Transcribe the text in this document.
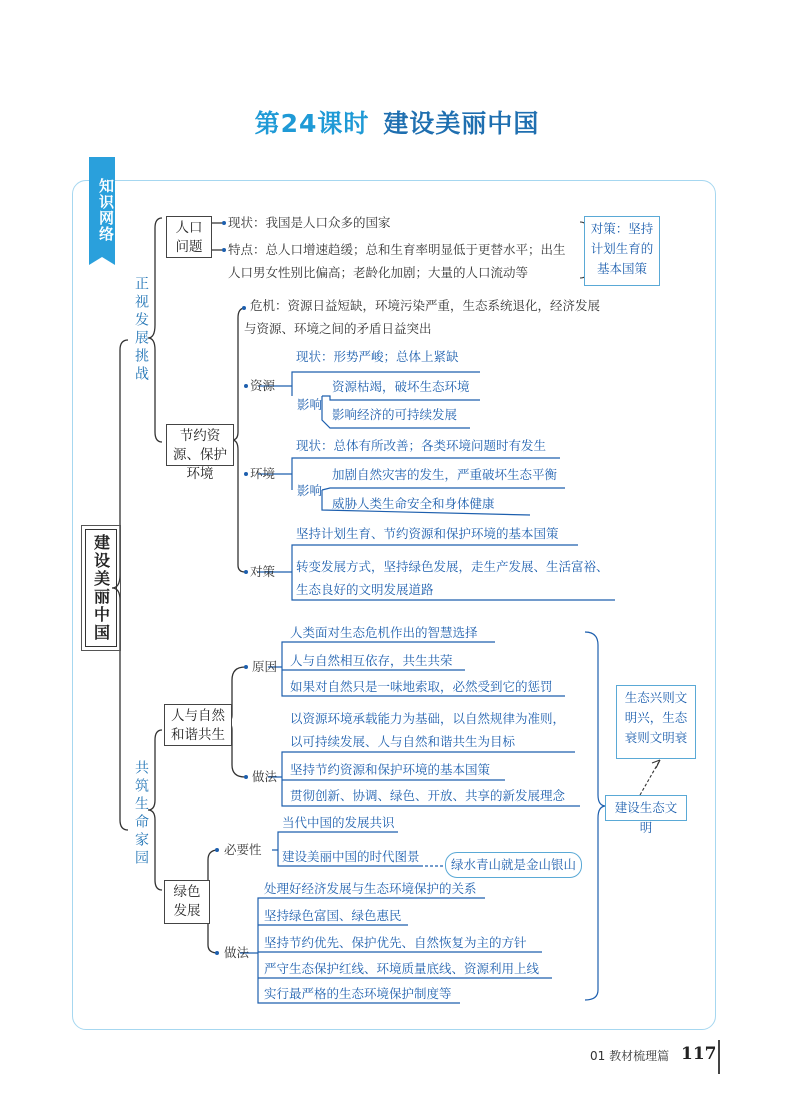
第24课时 建设美丽中国
知识网络
建设美丽中国
正视发展挑战
共筑生命家园
人口问题
现状：我国是人口众多的国家
特点：总人口增速趋缓；总和生育率明显低于更替水平；出生
人口男女性别比偏高；老龄化加剧；大量的人口流动等
对策：坚持计划生育的基本国策
节约资源、保护环境
危机：资源日益短缺，环境污染严重，生态系统退化，经济发展
与资源、环境之间的矛盾日益突出
资源
现状：形势严峻；总体上紧缺
影响
资源枯竭，破坏生态环境
影响经济的可持续发展
环境
现状：总体有所改善；各类环境问题时有发生
影响
加剧自然灾害的发生，严重破坏生态平衡
威胁人类生命安全和身体健康
对策
坚持计划生育、节约资源和保护环境的基本国策
转变发展方式，坚持绿色发展，走生产发展、生活富裕、
生态良好的文明发展道路
人与自然和谐共生
原因
人类面对生态危机作出的智慧选择
人与自然相互依存，共生共荣
如果对自然只是一味地索取，必然受到它的惩罚
做法
以资源环境承载能力为基础，以自然规律为准则，
以可持续发展、人与自然和谐共生为目标
坚持节约资源和保护环境的基本国策
贯彻创新、协调、绿色、开放、共享的新发展理念
生态兴则文明兴，生态衰则文明衰
建设生态文明
绿色发展
必要性
当代中国的发展共识
建设美丽中国的时代图景
绿水青山就是金山银山
做法
处理好经济发展与生态环境保护的关系
坚持绿色富国、绿色惠民
坚持节约优先、保护优先、自然恢复为主的方针
严守生态保护红线、环境质量底线、资源利用上线
实行最严格的生态环境保护制度等
01 教材梳理篇 117
